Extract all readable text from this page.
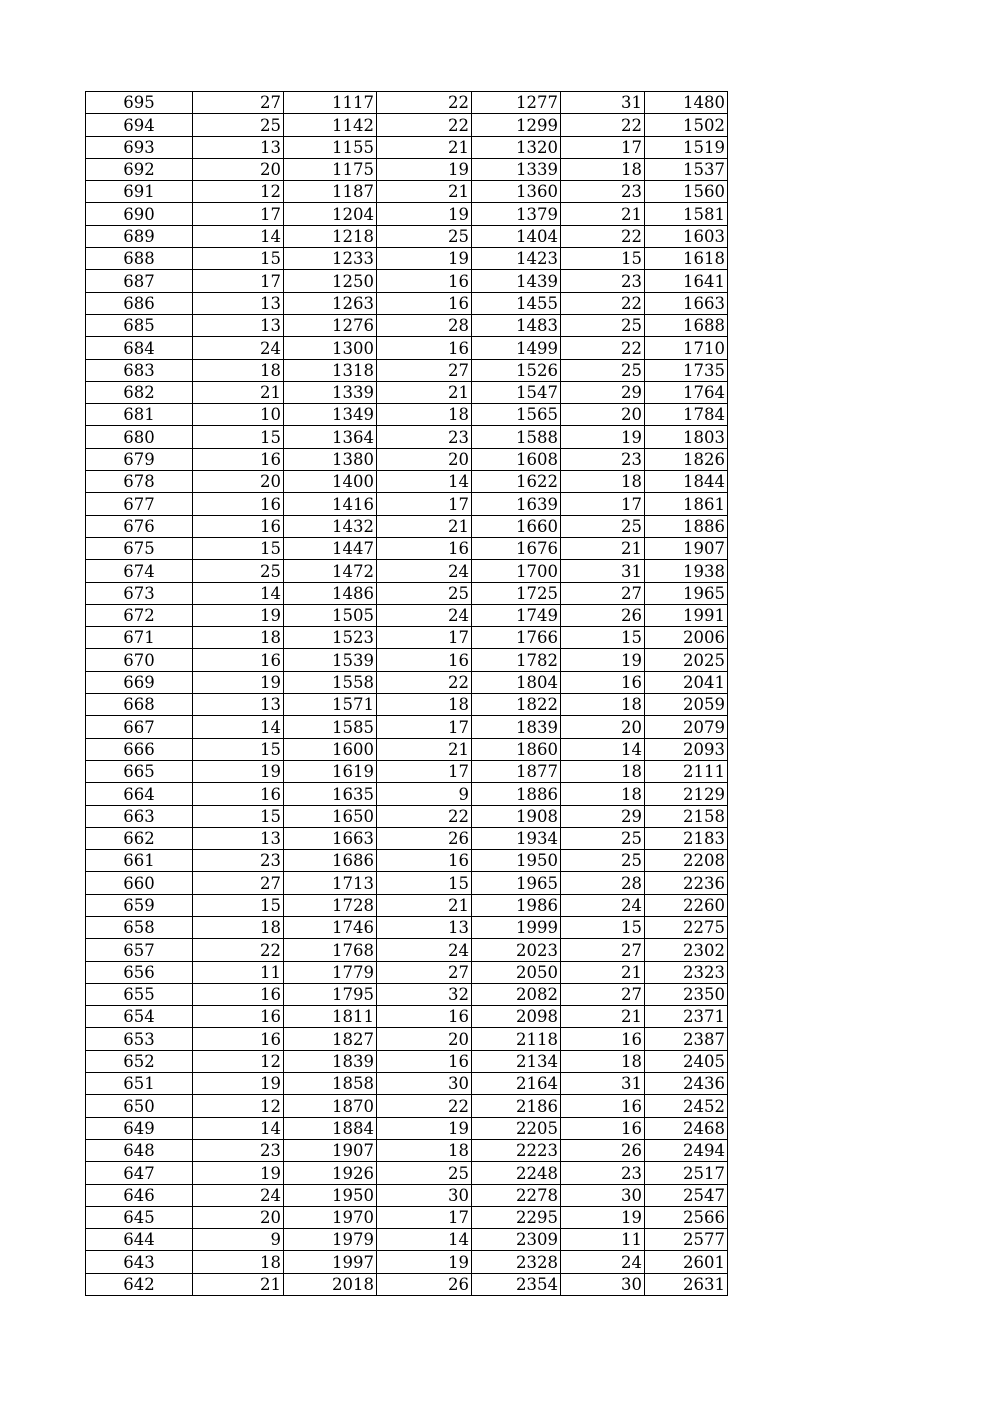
695	27	1117	22	1277	31	1480
694	25	1142	22	1299	22	1502
693	13	1155	21	1320	17	1519
692	20	1175	19	1339	18	1537
691	12	1187	21	1360	23	1560
690	17	1204	19	1379	21	1581
689	14	1218	25	1404	22	1603
688	15	1233	19	1423	15	1618
687	17	1250	16	1439	23	1641
686	13	1263	16	1455	22	1663
685	13	1276	28	1483	25	1688
684	24	1300	16	1499	22	1710
683	18	1318	27	1526	25	1735
682	21	1339	21	1547	29	1764
681	10	1349	18	1565	20	1784
680	15	1364	23	1588	19	1803
679	16	1380	20	1608	23	1826
678	20	1400	14	1622	18	1844
677	16	1416	17	1639	17	1861
676	16	1432	21	1660	25	1886
675	15	1447	16	1676	21	1907
674	25	1472	24	1700	31	1938
673	14	1486	25	1725	27	1965
672	19	1505	24	1749	26	1991
671	18	1523	17	1766	15	2006
670	16	1539	16	1782	19	2025
669	19	1558	22	1804	16	2041
668	13	1571	18	1822	18	2059
667	14	1585	17	1839	20	2079
666	15	1600	21	1860	14	2093
665	19	1619	17	1877	18	2111
664	16	1635	9	1886	18	2129
663	15	1650	22	1908	29	2158
662	13	1663	26	1934	25	2183
661	23	1686	16	1950	25	2208
660	27	1713	15	1965	28	2236
659	15	1728	21	1986	24	2260
658	18	1746	13	1999	15	2275
657	22	1768	24	2023	27	2302
656	11	1779	27	2050	21	2323
655	16	1795	32	2082	27	2350
654	16	1811	16	2098	21	2371
653	16	1827	20	2118	16	2387
652	12	1839	16	2134	18	2405
651	19	1858	30	2164	31	2436
650	12	1870	22	2186	16	2452
649	14	1884	19	2205	16	2468
648	23	1907	18	2223	26	2494
647	19	1926	25	2248	23	2517
646	24	1950	30	2278	30	2547
645	20	1970	17	2295	19	2566
644	9	1979	14	2309	11	2577
643	18	1997	19	2328	24	2601
642	21	2018	26	2354	30	2631
